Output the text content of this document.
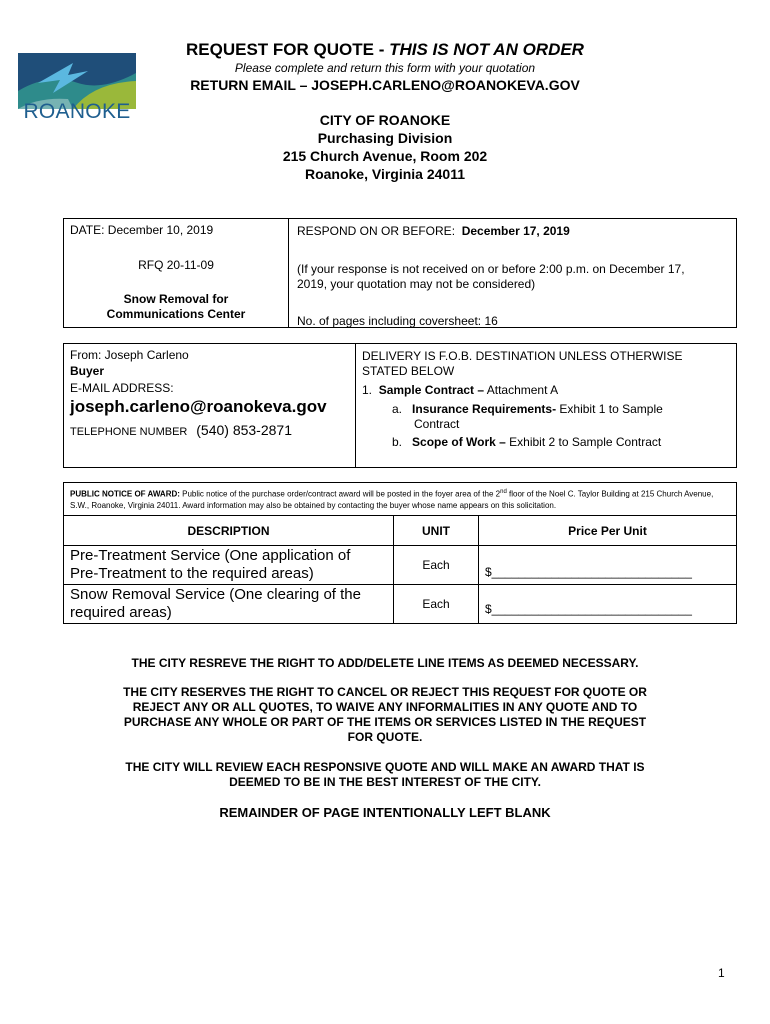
ROANOKE
REQUEST FOR QUOTE - THIS IS NOT AN ORDER
Please complete and return this form with your quotation
RETURN EMAIL – JOSEPH.CARLENO@ROANOKEVA.GOV
CITY OF ROANOKE
Purchasing Division
215 Church Avenue, Room 202
Roanoke, Virginia 24011
DATE: December 10, 2019
RFQ 20-11-09
Snow Removal for
Communications Center
RESPOND ON OR BEFORE: December 17, 2019
(If your response is not received on or before 2:00 p.m. on December 17,
2019, your quotation may not be considered)
No. of pages including coversheet: 16
From: Joseph Carleno
Buyer
E-MAIL ADDRESS:
joseph.carleno@roanokeva.gov
TELEPHONE NUMBER (540) 853-2871
DELIVERY IS F.O.B. DESTINATION UNLESS OTHERWISE
STATED BELOW
1. Sample Contract – Attachment A
a. Insurance Requirements- Exhibit 1 to Sample
Contract
b. Scope of Work – Exhibit 2 to Sample Contract
PUBLIC NOTICE OF AWARD: Public notice of the purchase order/contract award will be posted in the foyer area of the 2nd floor of the Noel C. Taylor Building at 215 Church Avenue, S.W., Roanoke, Virginia 24011. Award information may also be obtained by contacting the buyer whose name appears on this solicitation.
DESCRIPTION	UNIT	Price Per Unit
Pre-Treatment Service (One application of
Pre-Treatment to the required areas)	Each	$______________________________
Snow Removal Service (One clearing of the
required areas)	Each	$______________________________
THE CITY RESREVE THE RIGHT TO ADD/DELETE LINE ITEMS AS DEEMED NECESSARY.
THE CITY RESERVES THE RIGHT TO CANCEL OR REJECT THIS REQUEST FOR QUOTE OR
REJECT ANY OR ALL QUOTES, TO WAIVE ANY INFORMALITIES IN ANY QUOTE AND TO
PURCHASE ANY WHOLE OR PART OF THE ITEMS OR SERVICES LISTED IN THE REQUEST
FOR QUOTE.
THE CITY WILL REVIEW EACH RESPONSIVE QUOTE AND WILL MAKE AN AWARD THAT IS
DEEMED TO BE IN THE BEST INTEREST OF THE CITY.
REMAINDER OF PAGE INTENTIONALLY LEFT BLANK
1
